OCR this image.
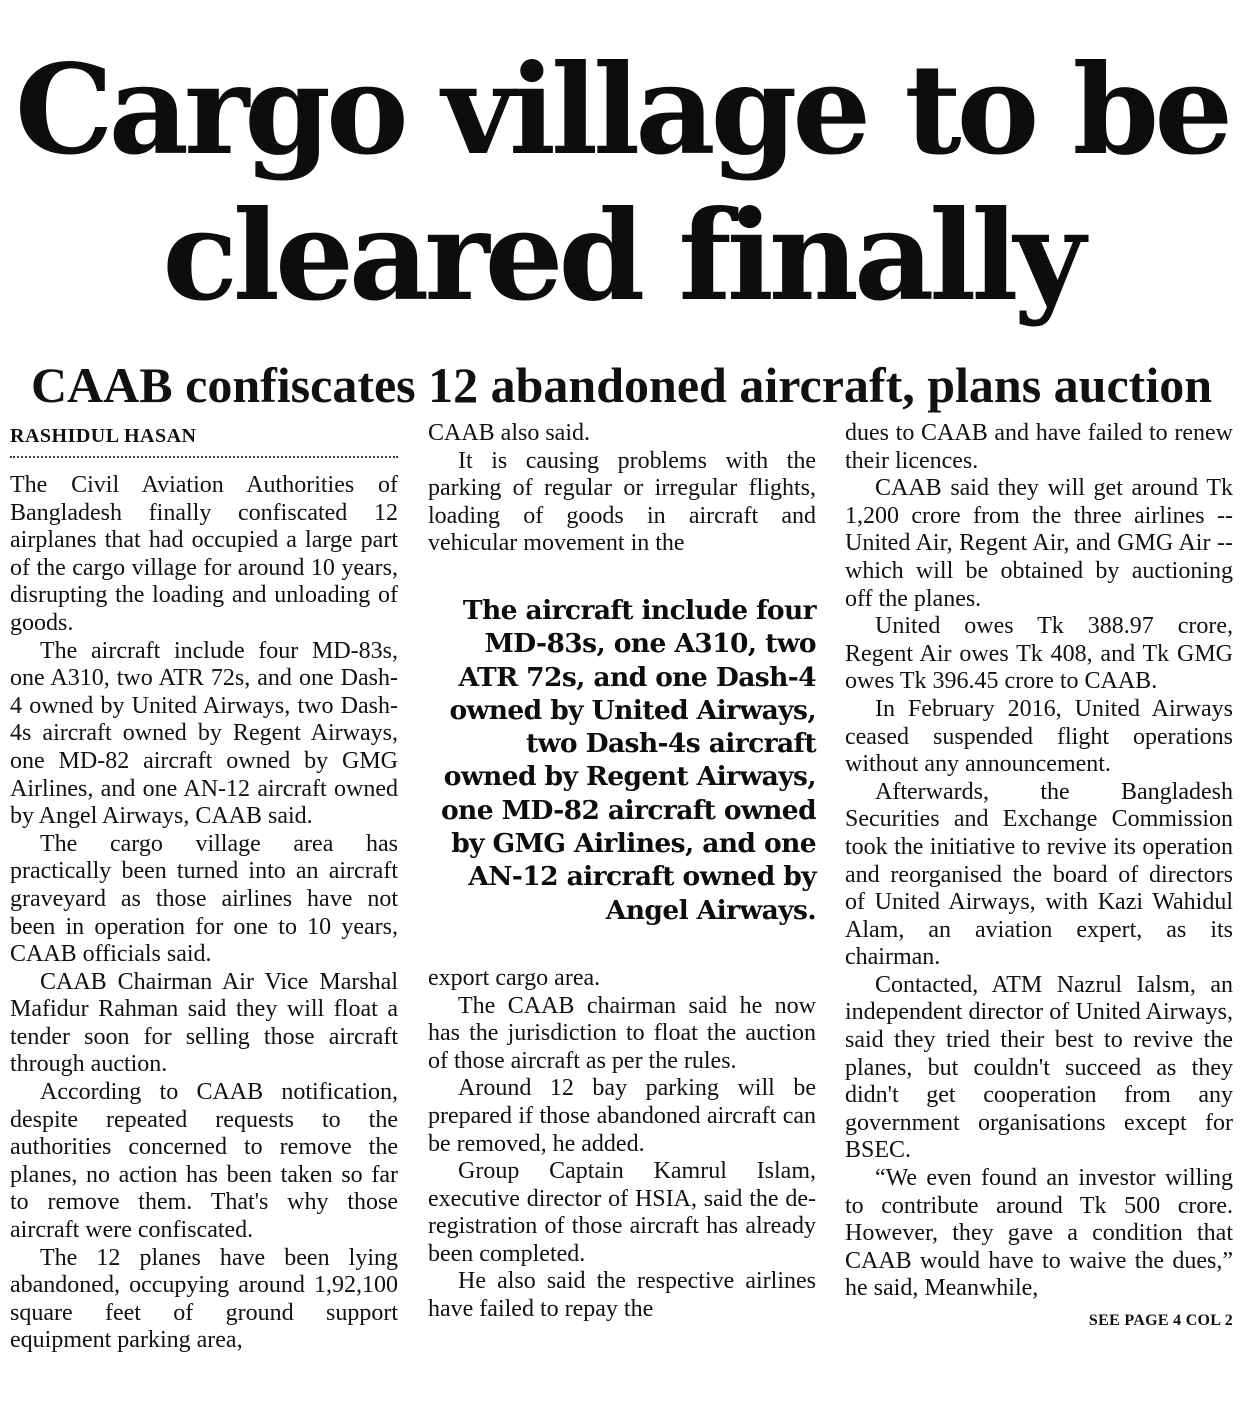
Cargo village to be
cleared finally
CAAB confiscates 12 abandoned aircraft, plans auction
RASHIDUL HASAN

The Civil Aviation Authorities of Bangladesh finally confiscated 12 airplanes that had occupied a large part of the cargo village for around 10 years, disrupting the loading and unloading of goods.

The aircraft include four MD-83s, one A310, two ATR 72s, and one Dash-4 owned by United Airways, two Dash-4s aircraft owned by Regent Airways, one MD-82 aircraft owned by GMG Airlines, and one AN-12 aircraft owned by Angel Airways, CAAB said.

The cargo village area has practically been turned into an aircraft graveyard as those airlines have not been in operation for one to 10 years, CAAB officials said.

CAAB Chairman Air Vice Marshal Mafidur Rahman said they will float a tender soon for selling those aircraft through auction.

According to CAAB notification, despite repeated requests to the authorities concerned to remove the planes, no action has been taken so far to remove them. That's why those aircraft were confiscated.

The 12 planes have been lying abandoned, occupying around 1,92,100 square feet of ground support equipment parking area,

CAAB also said.

It is causing problems with the parking of regular or irregular flights, loading of goods in aircraft and vehicular movement in the

The aircraft include four MD-83s, one A310, two ATR 72s, and one Dash-4 owned by United Airways, two Dash-4s aircraft owned by Regent Airways, one MD-82 aircraft owned by GMG Airlines, and one AN-12 aircraft owned by Angel Airways.

export cargo area.

The CAAB chairman said he now has the jurisdiction to float the auction of those aircraft as per the rules.

Around 12 bay parking will be prepared if those abandoned aircraft can be removed, he added.

Group Captain Kamrul Islam, executive director of HSIA, said the de-registration of those aircraft has already been completed.

He also said the respective airlines have failed to repay the

dues to CAAB and have failed to renew their licences.

CAAB said they will get around Tk 1,200 crore from the three airlines -- United Air, Regent Air, and GMG Air -- which will be obtained by auctioning off the planes.

United owes Tk 388.97 crore, Regent Air owes Tk 408, and Tk GMG owes Tk 396.45 crore to CAAB.

In February 2016, United Airways ceased suspended flight operations without any announcement.

Afterwards, the Bangladesh Securities and Exchange Commission took the initiative to revive its operation and reorganised the board of directors of United Airways, with Kazi Wahidul Alam, an aviation expert, as its chairman.

Contacted, ATM Nazrul Ialsm, an independent director of United Airways, said they tried their best to revive the planes, but couldn't succeed as they didn't get cooperation from any government organisations except for BSEC.

“We even found an investor willing to contribute around Tk 500 crore. However, they gave a condition that CAAB would have to waive the dues,” he said, Meanwhile,

SEE PAGE 4 COL 2
